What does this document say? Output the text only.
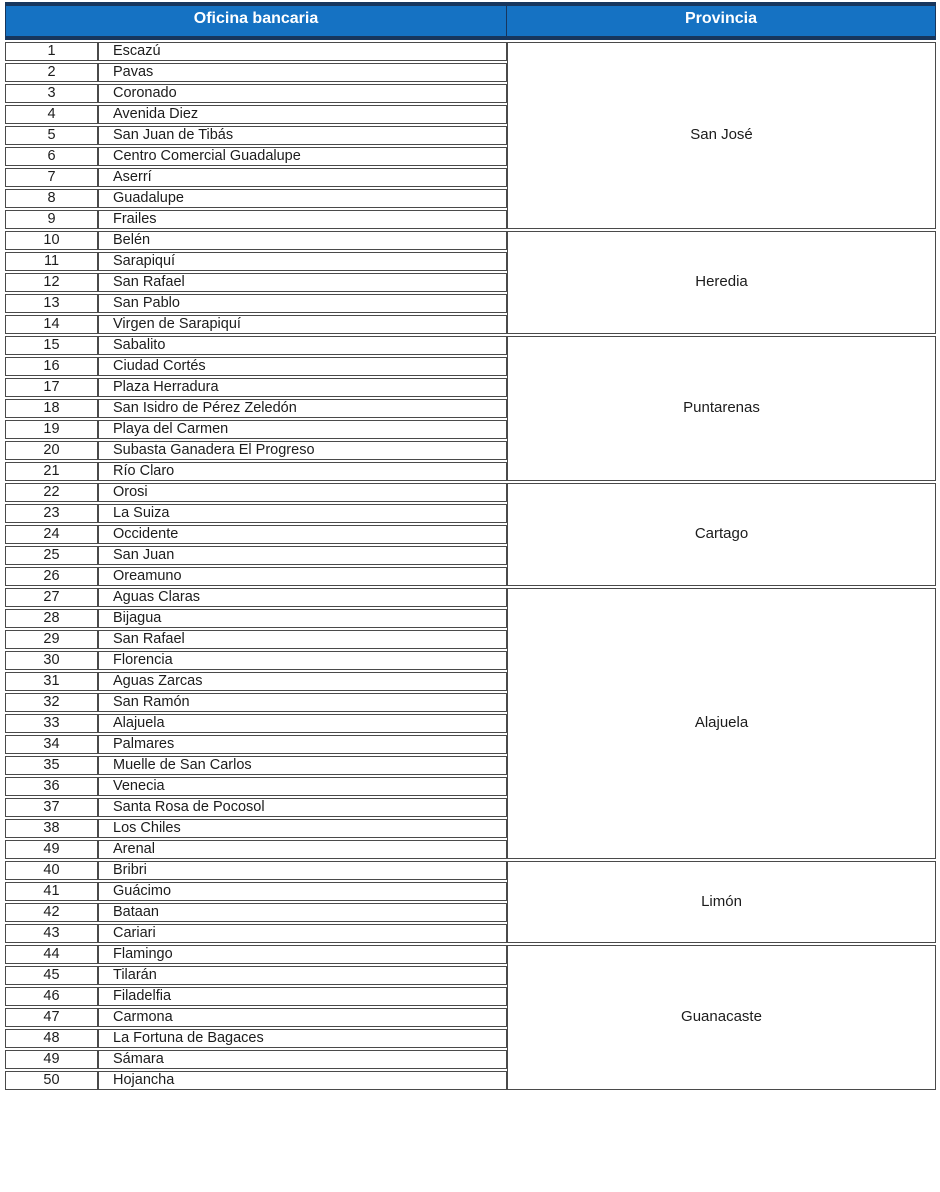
Oficina bancaria		Provincia
1	Escazú	San José
2	Pavas	
3	Coronado	
4	Avenida Diez	
5	San Juan de Tibás	
6	Centro Comercial Guadalupe	
7	Aserrí	
8	Guadalupe	
9	Frailes	
10	Belén	Heredia
11	Sarapiquí	
12	San Rafael	
13	San Pablo	
14	Virgen de Sarapiquí	
15	Sabalito	Puntarenas
16	Ciudad Cortés	
17	Plaza Herradura	
18	San Isidro de Pérez Zeledón	
19	Playa del Carmen	
20	Subasta Ganadera El Progreso	
21	Río Claro	
22	Orosi	Cartago
23	La Suiza	
24	Occidente	
25	San Juan	
26	Oreamuno	
27	Aguas Claras	Alajuela
28	Bijagua	
29	San Rafael	
30	Florencia	
31	Aguas Zarcas	
32	San Ramón	
33	Alajuela	
34	Palmares	
35	Muelle de San Carlos	
36	Venecia	
37	Santa Rosa de Pocosol	
38	Los Chiles	
49	Arenal	
40	Bribri	Limón
41	Guácimo	
42	Bataan	
43	Cariari	
44	Flamingo	Guanacaste
45	Tilarán	
46	Filadelfia	
47	Carmona	
48	La Fortuna de Bagaces	
49	Sámara	
50	Hojancha	
